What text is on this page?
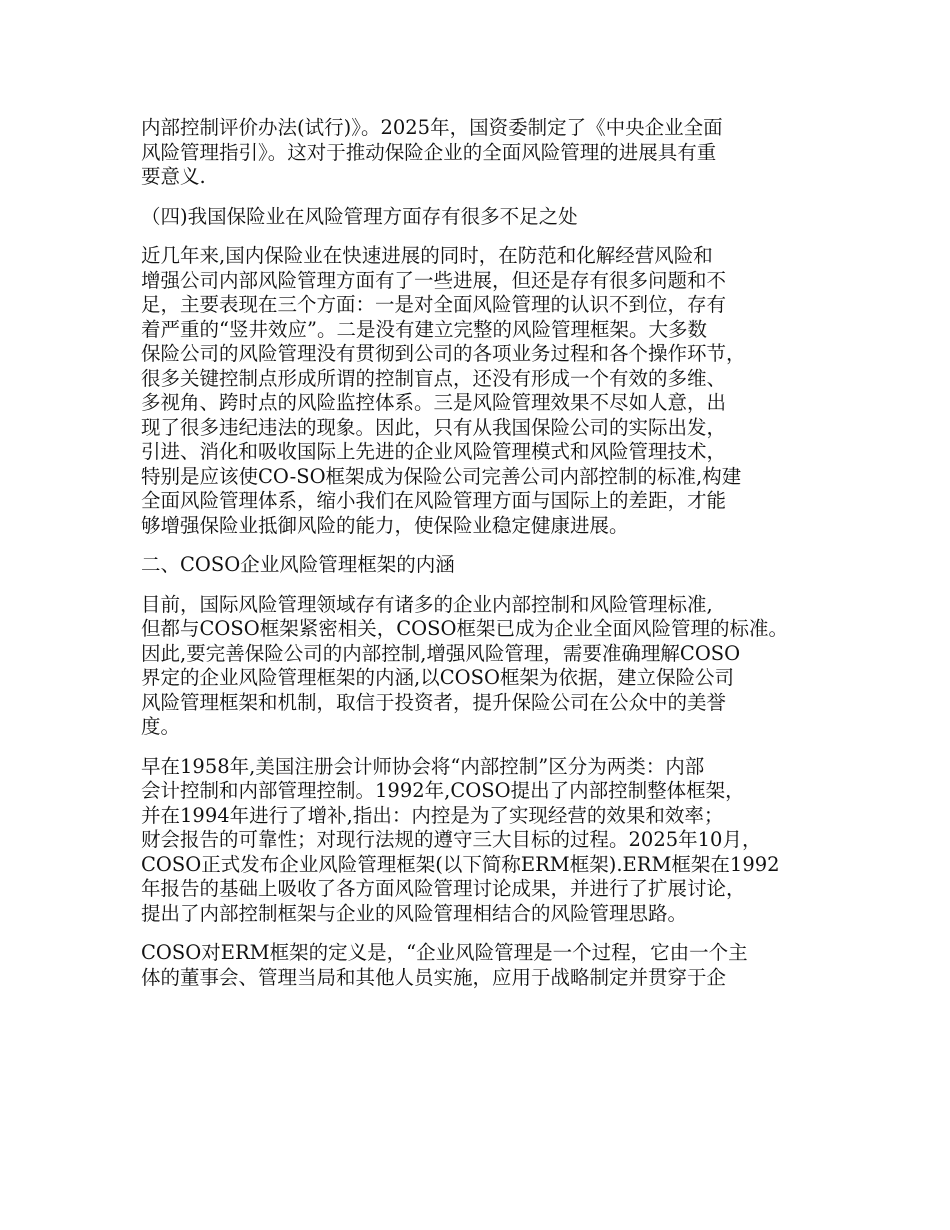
内部控制评价办法(试行)》。2025年，国资委制定了《中央企业全面
风险管理指引》。这对于推动保险企业的全面风险管理的进展具有重
要意义.

（四)我国保险业在风险管理方面存有很多不足之处

近几年来,国内保险业在快速进展的同时，在防范和化解经营风险和
增强公司内部风险管理方面有了一些进展，但还是存有很多问题和不
足，主要表现在三个方面：一是对全面风险管理的认识不到位，存有
着严重的“竖井效应”。二是没有建立完整的风险管理框架。大多数
保险公司的风险管理没有贯彻到公司的各项业务过程和各个操作环节，
很多关键控制点形成所谓的控制盲点，还没有形成一个有效的多维、
多视角、跨时点的风险监控体系。三是风险管理效果不尽如人意，出
现了很多违纪违法的现象。因此，只有从我国保险公司的实际出发，
引进、消化和吸收国际上先进的企业风险管理模式和风险管理技术，
特别是应该使CO-SO框架成为保险公司完善公司内部控制的标准,构建
全面风险管理体系，缩小我们在风险管理方面与国际上的差距，才能
够增强保险业抵御风险的能力，使保险业稳定健康进展。

二、COSO企业风险管理框架的内涵

目前，国际风险管理领域存有诸多的企业内部控制和风险管理标准,
但都与COSO框架紧密相关，COSO框架已成为企业全面风险管理的标准。
因此,要完善保险公司的内部控制,增强风险管理，需要准确理解COSO
界定的企业风险管理框架的内涵,以COSO框架为依据，建立保险公司
风险管理框架和机制，取信于投资者，提升保险公司在公众中的美誉
度。

早在1958年,美国注册会计师协会将“内部控制”区分为两类：内部
会计控制和内部管理控制。1992年,COSO提出了内部控制整体框架，
并在1994年进行了增补,指出：内控是为了实现经营的效果和效率；
财会报告的可靠性；对现行法规的遵守三大目标的过程。2025年10月，
COSO正式发布企业风险管理框架(以下简称ERM框架).ERM框架在1992
年报告的基础上吸收了各方面风险管理讨论成果，并进行了扩展讨论，
提出了内部控制框架与企业的风险管理相结合的风险管理思路。

COSO对ERM框架的定义是，“企业风险管理是一个过程，它由一个主
体的董事会、管理当局和其他人员实施，应用于战略制定并贯穿于企
